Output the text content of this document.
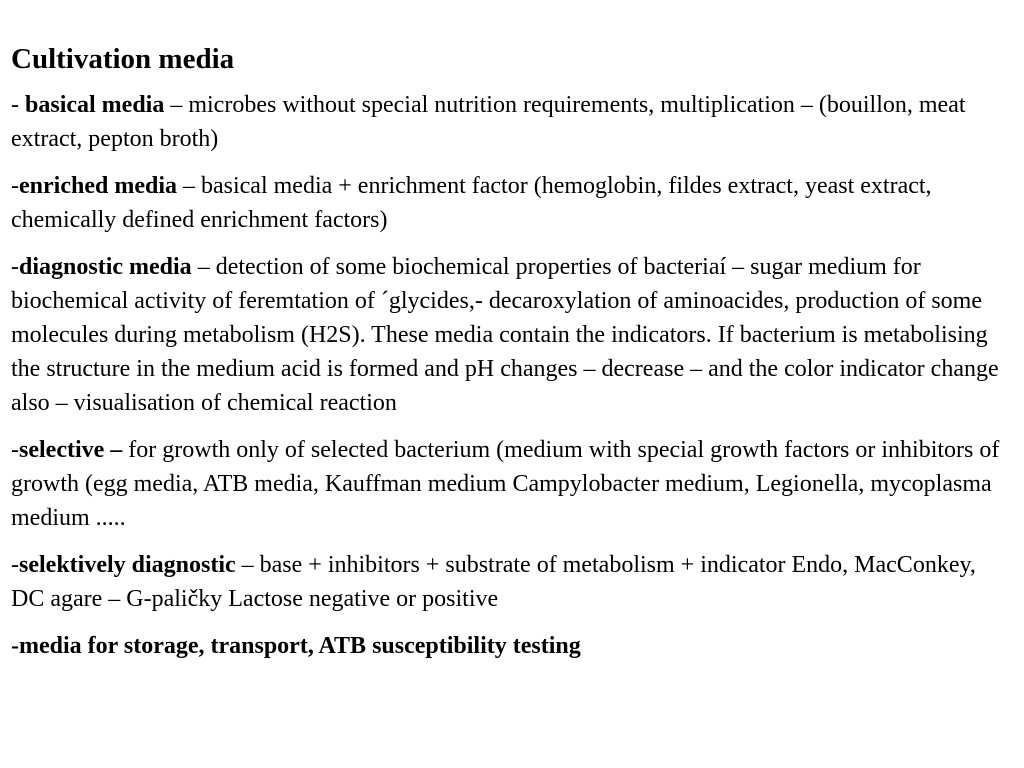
Cultivation media

- basical media – microbes without special nutrition requirements, multiplication – (bouillon, meat extract, pepton broth)

-enriched media – basical media + enrichment factor (hemoglobin, fildes extract, yeast extract, chemically defined enrichment factors)

-diagnostic media – detection of some biochemical properties of bacteriaí – sugar medium for biochemical activity of feremtation of ´glycides,- decaroxylation of aminoacides, production of some molecules during metabolism (H2S). These media contain the indicators. If bacterium is metabolising the structure in the medium acid is formed and pH changes – decrease – and the color indicator change also – visualisation of chemical reaction

-selective – for growth only of selected bacterium (medium with special growth factors or inhibitors of growth (egg media, ATB media, Kauffman medium Campylobacter medium, Legionella, mycoplasma medium .....

-selektively diagnostic – base + inhibitors + substrate of metabolism + indicator Endo, MacConkey, DC agare – G-paličky Lactose negative or positive

-media for storage, transport, ATB susceptibility testing
